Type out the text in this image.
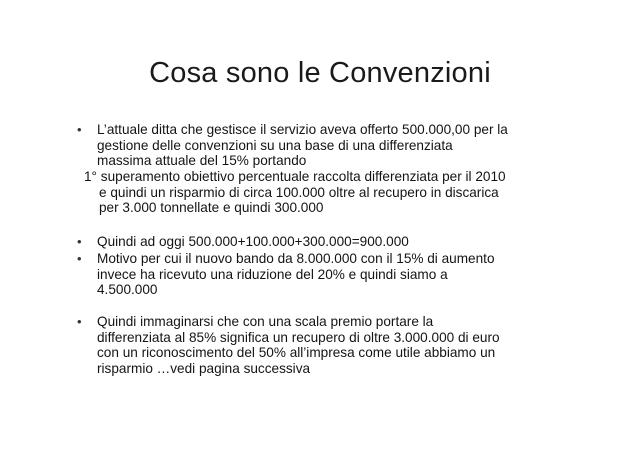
Cosa sono le Convenzioni
• L’attuale ditta che gestisce il servizio aveva offerto 500.000,00 per la
gestione delle convenzioni su una base di una differenziata
massima attuale del 15% portando
1° superamento obiettivo percentuale raccolta differenziata per il 2010
e quindi un risparmio di circa 100.000 oltre al recupero in discarica
per 3.000 tonnellate e quindi 300.000
• Quindi ad oggi 500.000+100.000+300.000=900.000
• Motivo per cui il nuovo bando da 8.000.000 con il 15% di aumento
invece ha ricevuto una riduzione del 20% e quindi siamo a
4.500.000
• Quindi immaginarsi che con una scala premio portare la
differenziata al 85% significa un recupero di oltre 3.000.000 di euro
con un riconoscimento del 50% all’impresa come utile abbiamo un
risparmio …vedi pagina successiva
